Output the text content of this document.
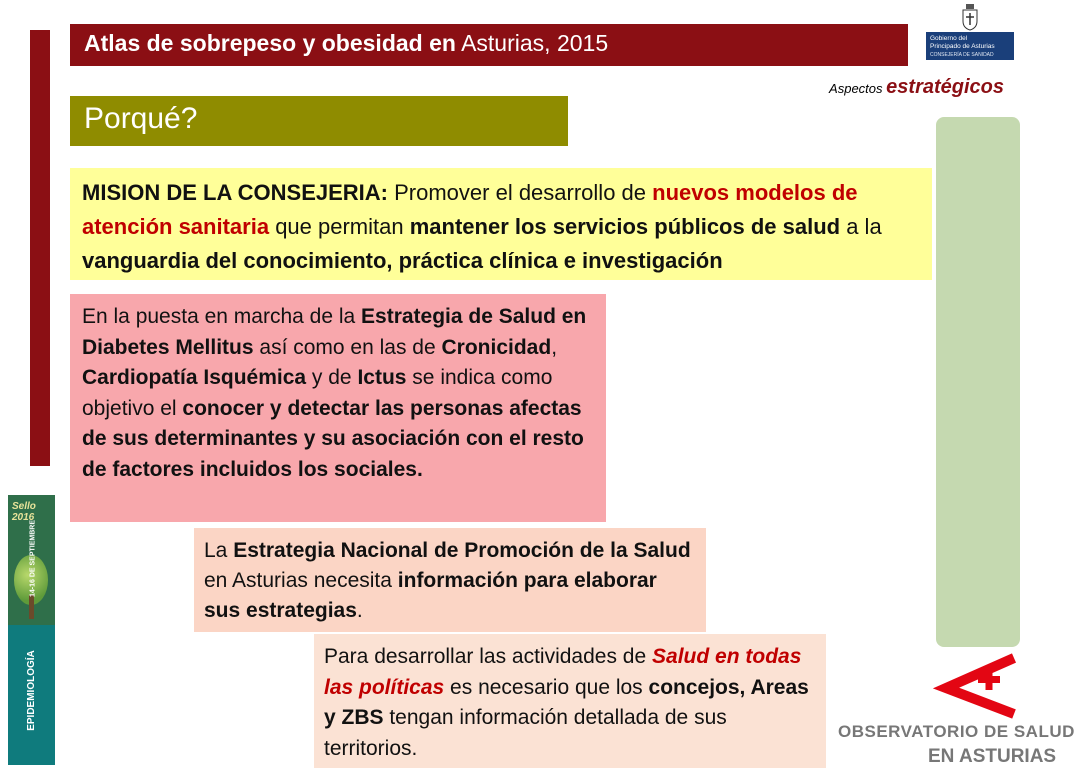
Atlas de sobrepeso y obesidad en Asturias, 2015	Gobierno del
Principado de Asturias
CONSEJERÍA DE SANIDAD
Aspectos estratégicos
Porqué?
MISION DE LA CONSEJERIA: Promover el desarrollo de nuevos modelos de atención sanitaria que permitan mantener los servicios públicos de salud a la vanguardia del conocimiento, práctica clínica e investigación
En la puesta en marcha de la Estrategia de Salud en Diabetes Mellitus así como en las de Cronicidad, Cardiopatía Isquémica y de Ictus se indica como objetivo el conocer y detectar las personas afectas de sus determinantes y su asociación con el resto de factores incluidos los sociales.
La Estrategia Nacional de Promoción de la Salud en Asturias necesita información para elaborar sus estrategias.
Para desarrollar las actividades de Salud en todas las políticas es necesario que los concejos, Areas y ZBS tengan información detallada de sus territorios.
Sello 2016
14-16 DE SEPTIEMBRE
EPIDEMIOLOGÍA	XXXIV REUNIÓN CIENTÍFICA DE LA SEE	OBSERVATORIO DE SALUD
EN ASTURIAS
